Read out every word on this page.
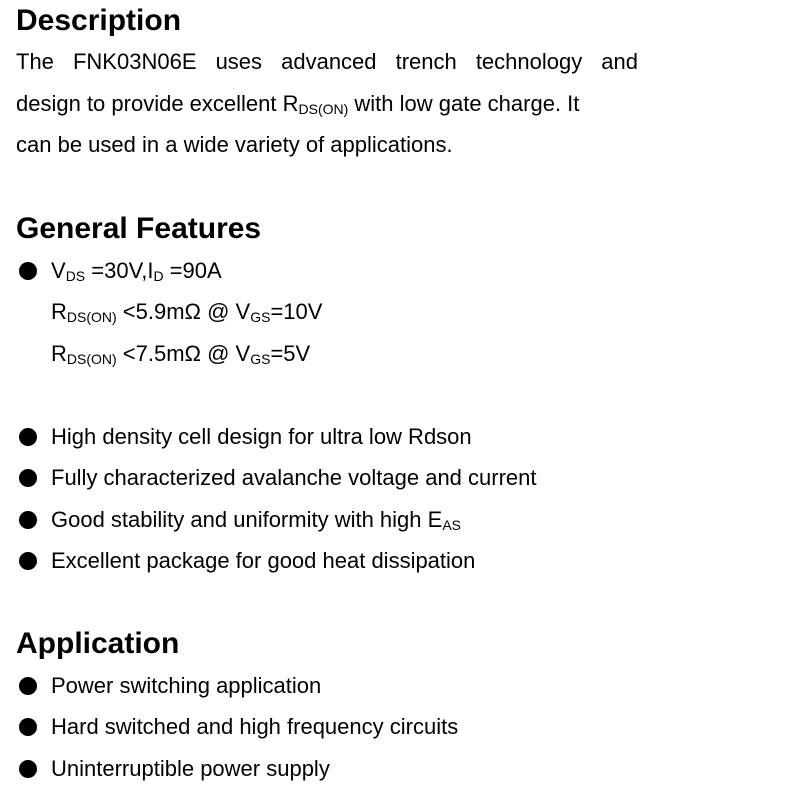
Description
The FNK03N06E uses advanced trench technology and
design to provide excellent $R_{DS(ON)}$ with low gate charge. It
can be used in a wide variety of applications.
General Features
$V_{DS} =30V,I_D =90A$
$R_{DS(ON)} <5.9m\Omega$ @ $V_{GS}=10V$
$R_{DS(ON)} <7.5m\Omega$ @ $V_{GS}=5V$
High density cell design for ultra low Rdson
Fully characterized avalanche voltage and current
Good stability and uniformity with high $E_{AS}$
Excellent package for good heat dissipation
Application
Power switching application
Hard switched and high frequency circuits
Uninterruptible power supply
